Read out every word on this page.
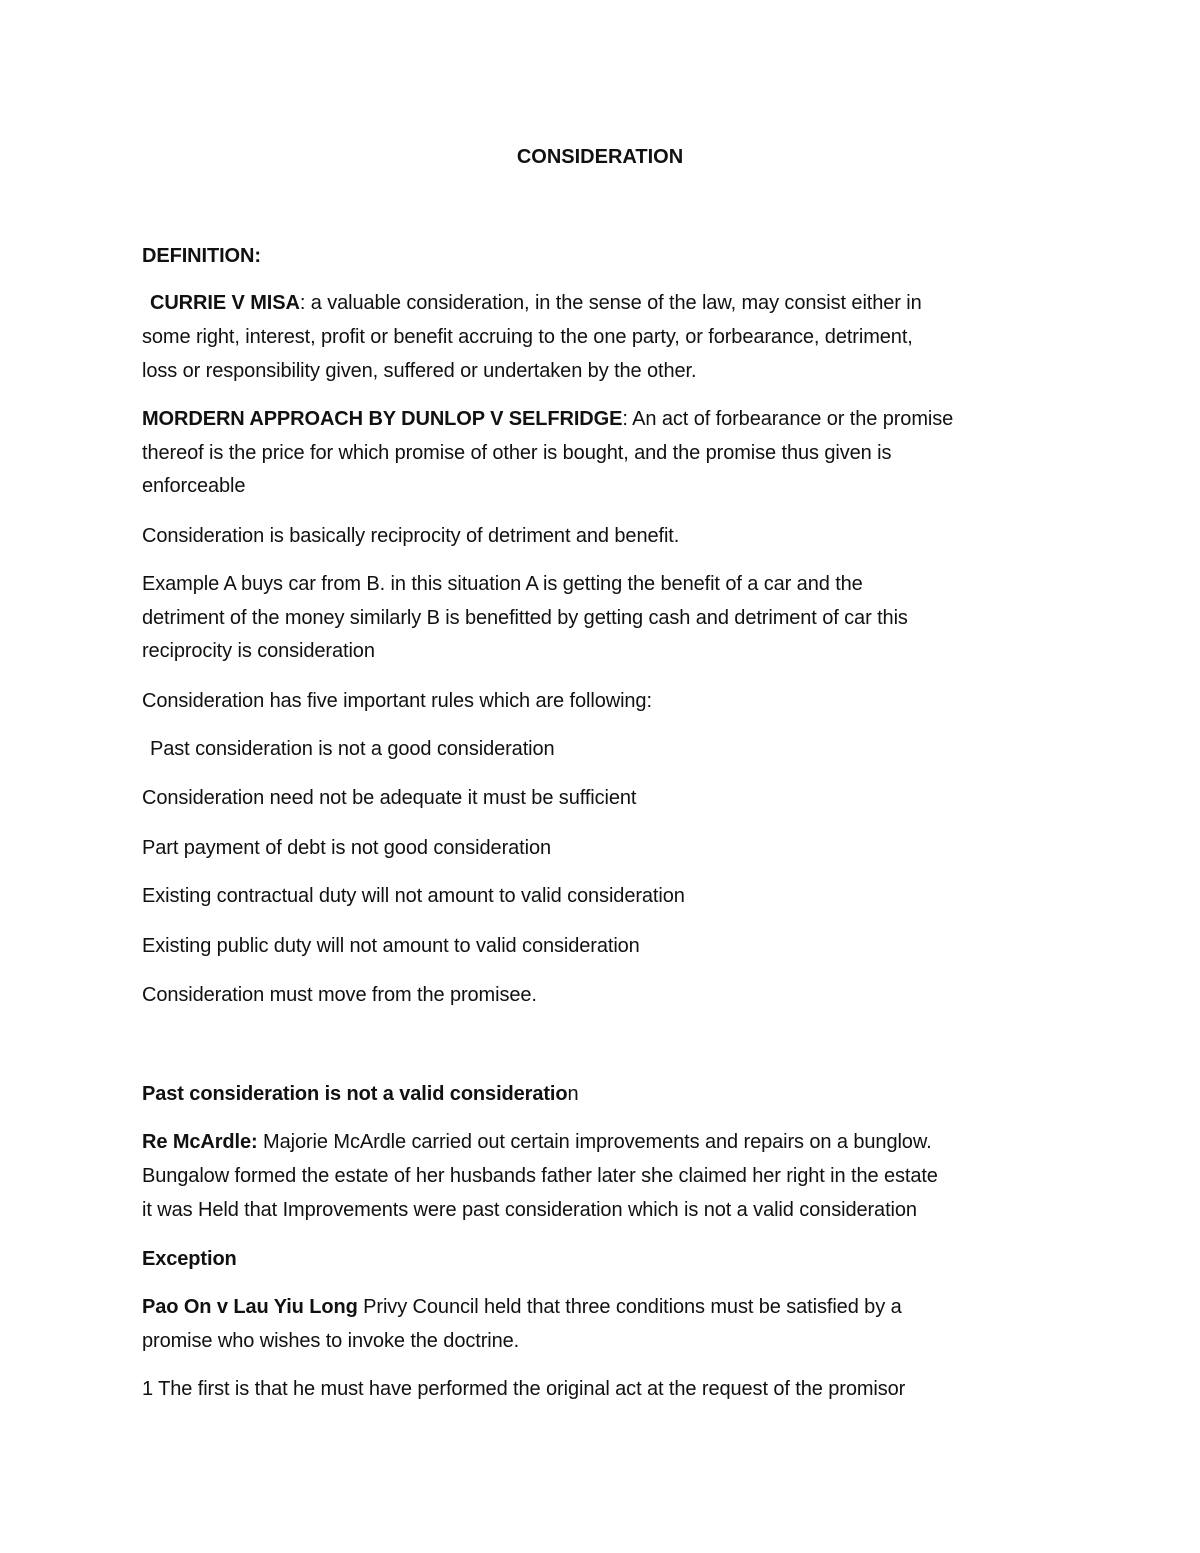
CONSIDERATION
DEFINITION:
CURRIE V MISA: a valuable consideration, in the sense of the law, may consist either in
some right, interest, profit or benefit accruing to the one party, or forbearance, detriment,
loss or responsibility given, suffered or undertaken by the other.
MORDERN APPROACH BY DUNLOP V SELFRIDGE: An act of forbearance or the promise
thereof is the price for which promise of other is bought, and the promise thus given is
enforceable
Consideration is basically reciprocity of detriment and benefit.
Example A buys car from B. in this situation A is getting the benefit of a car and the
detriment of the money similarly B is benefitted by getting cash and detriment of car this
reciprocity is consideration
Consideration has five important rules which are following:
Past consideration is not a good consideration
Consideration need not be adequate it must be sufficient
Part payment of debt is not good consideration
Existing contractual duty will not amount to valid consideration
Existing public duty will not amount to valid consideration
Consideration must move from the promisee.
Past consideration is not a valid consideration
Re McArdle: Majorie McArdle carried out certain improvements and repairs on a bunglow.
Bungalow formed the estate of her husbands father later she claimed her right in the estate
it was Held that Improvements were past consideration which is not a valid consideration
Exception
Pao On v Lau Yiu Long Privy Council held that three conditions must be satisfied by a
promise who wishes to invoke the doctrine.
1 The first is that he must have performed the original act at the request of the promisor
